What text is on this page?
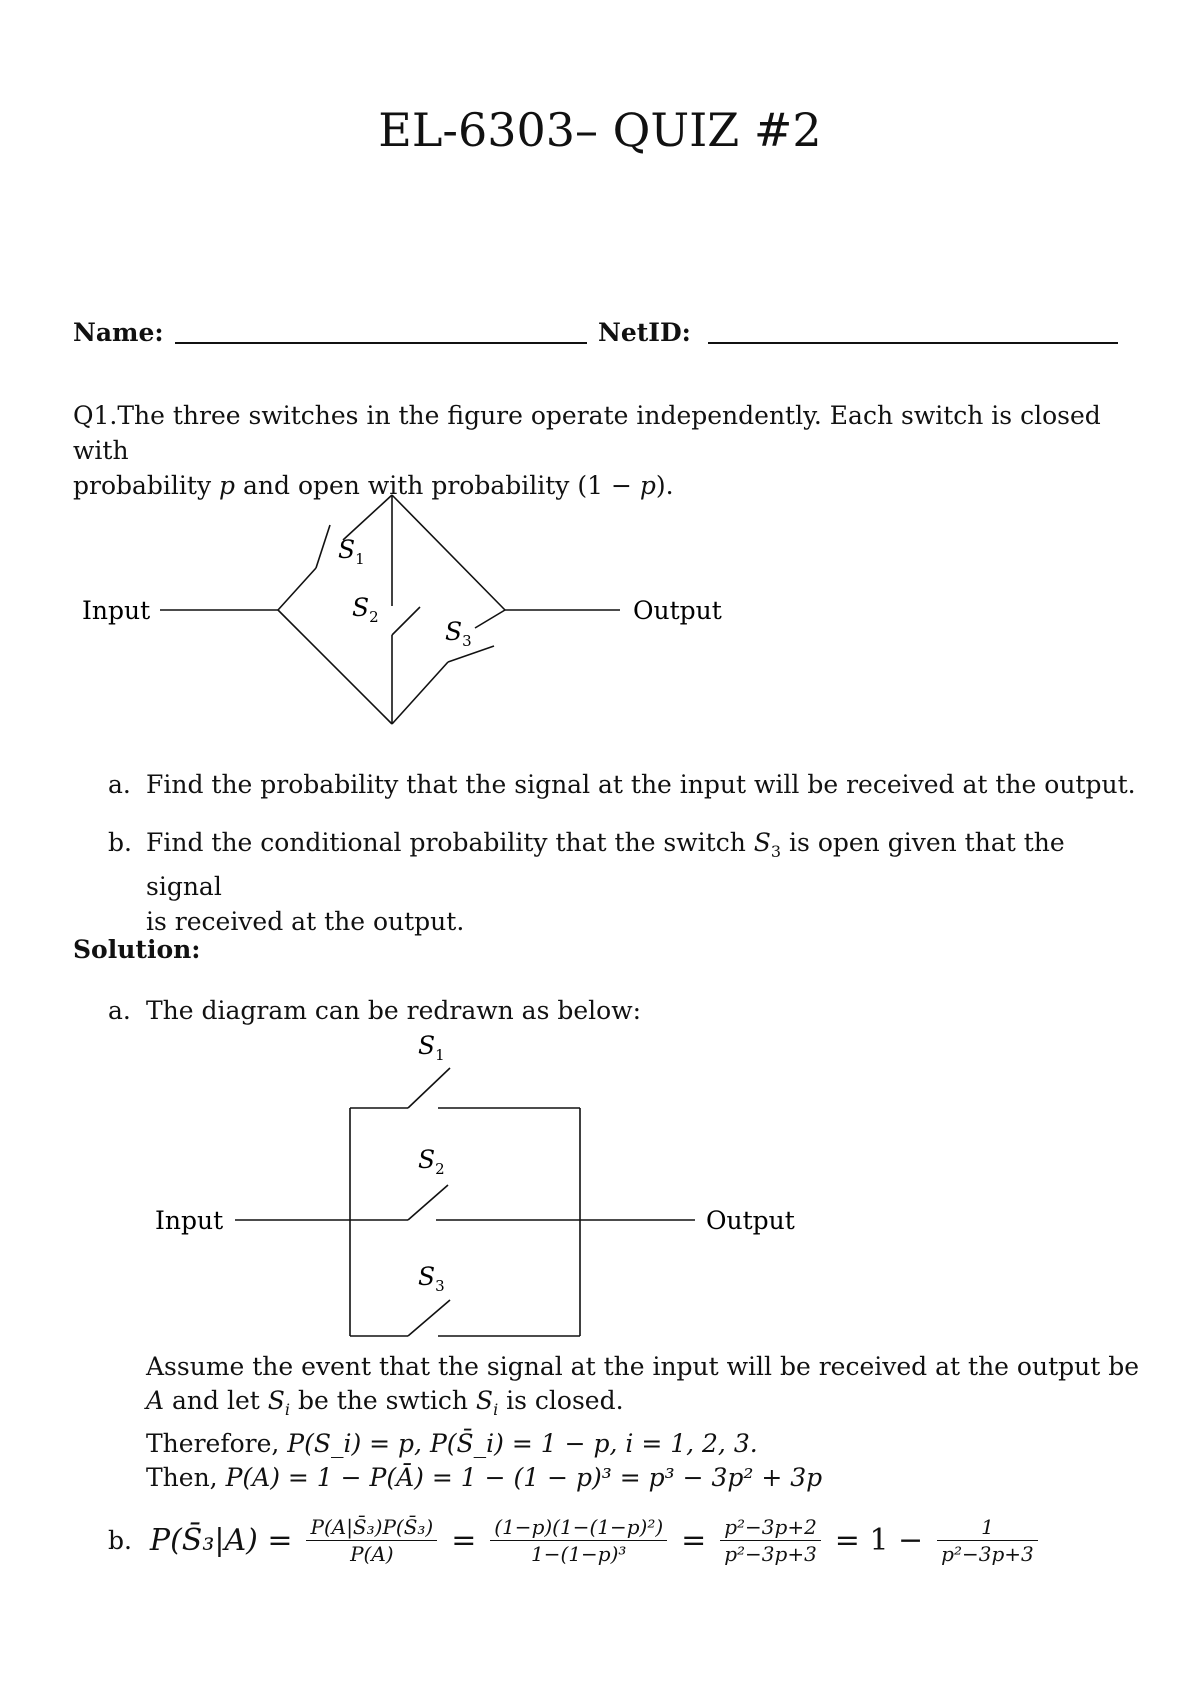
EL-6303– QUIZ #2
Name:	NetID:
Q1.The three switches in the figure operate independently. Each switch is closed with
probability p and open with probability (1 − p).
Input	Output
$S_1$
$S_2$	$S_3$
a. Find the probability that the signal at the input will be received at the output.
b. Find the conditional probability that the switch $S_3$ is open given that the signal
is received at the output.
Solution:
a. The diagram can be redrawn as below:
Input	Output
$S_1$
$S_2$
$S_3$
Assume the event that the signal at the input will be received at the output be
A and let $S_i$ be the swtich $S_i$ is closed.
Therefore, P(S_i) = p, P(S̄_i) = 1 − p, i = 1, 2, 3.
Then, P(A) = 1 − P(Ā) = 1 − (1 − p)³ = p³ − 3p² + 3p
b. P(S̄₃|A) = $\frac{\text{P(A|S̄₃)P(S̄₃)}}{P(A)} = \frac{\text{(1−p)(1−(1−p)²)}}{\text{1−(1−p)³}} = \frac{\text{p²−3p+2}}{\text{p²−3p+3}} = 1 - \frac{1}{\text{p²−3p+3}}$
